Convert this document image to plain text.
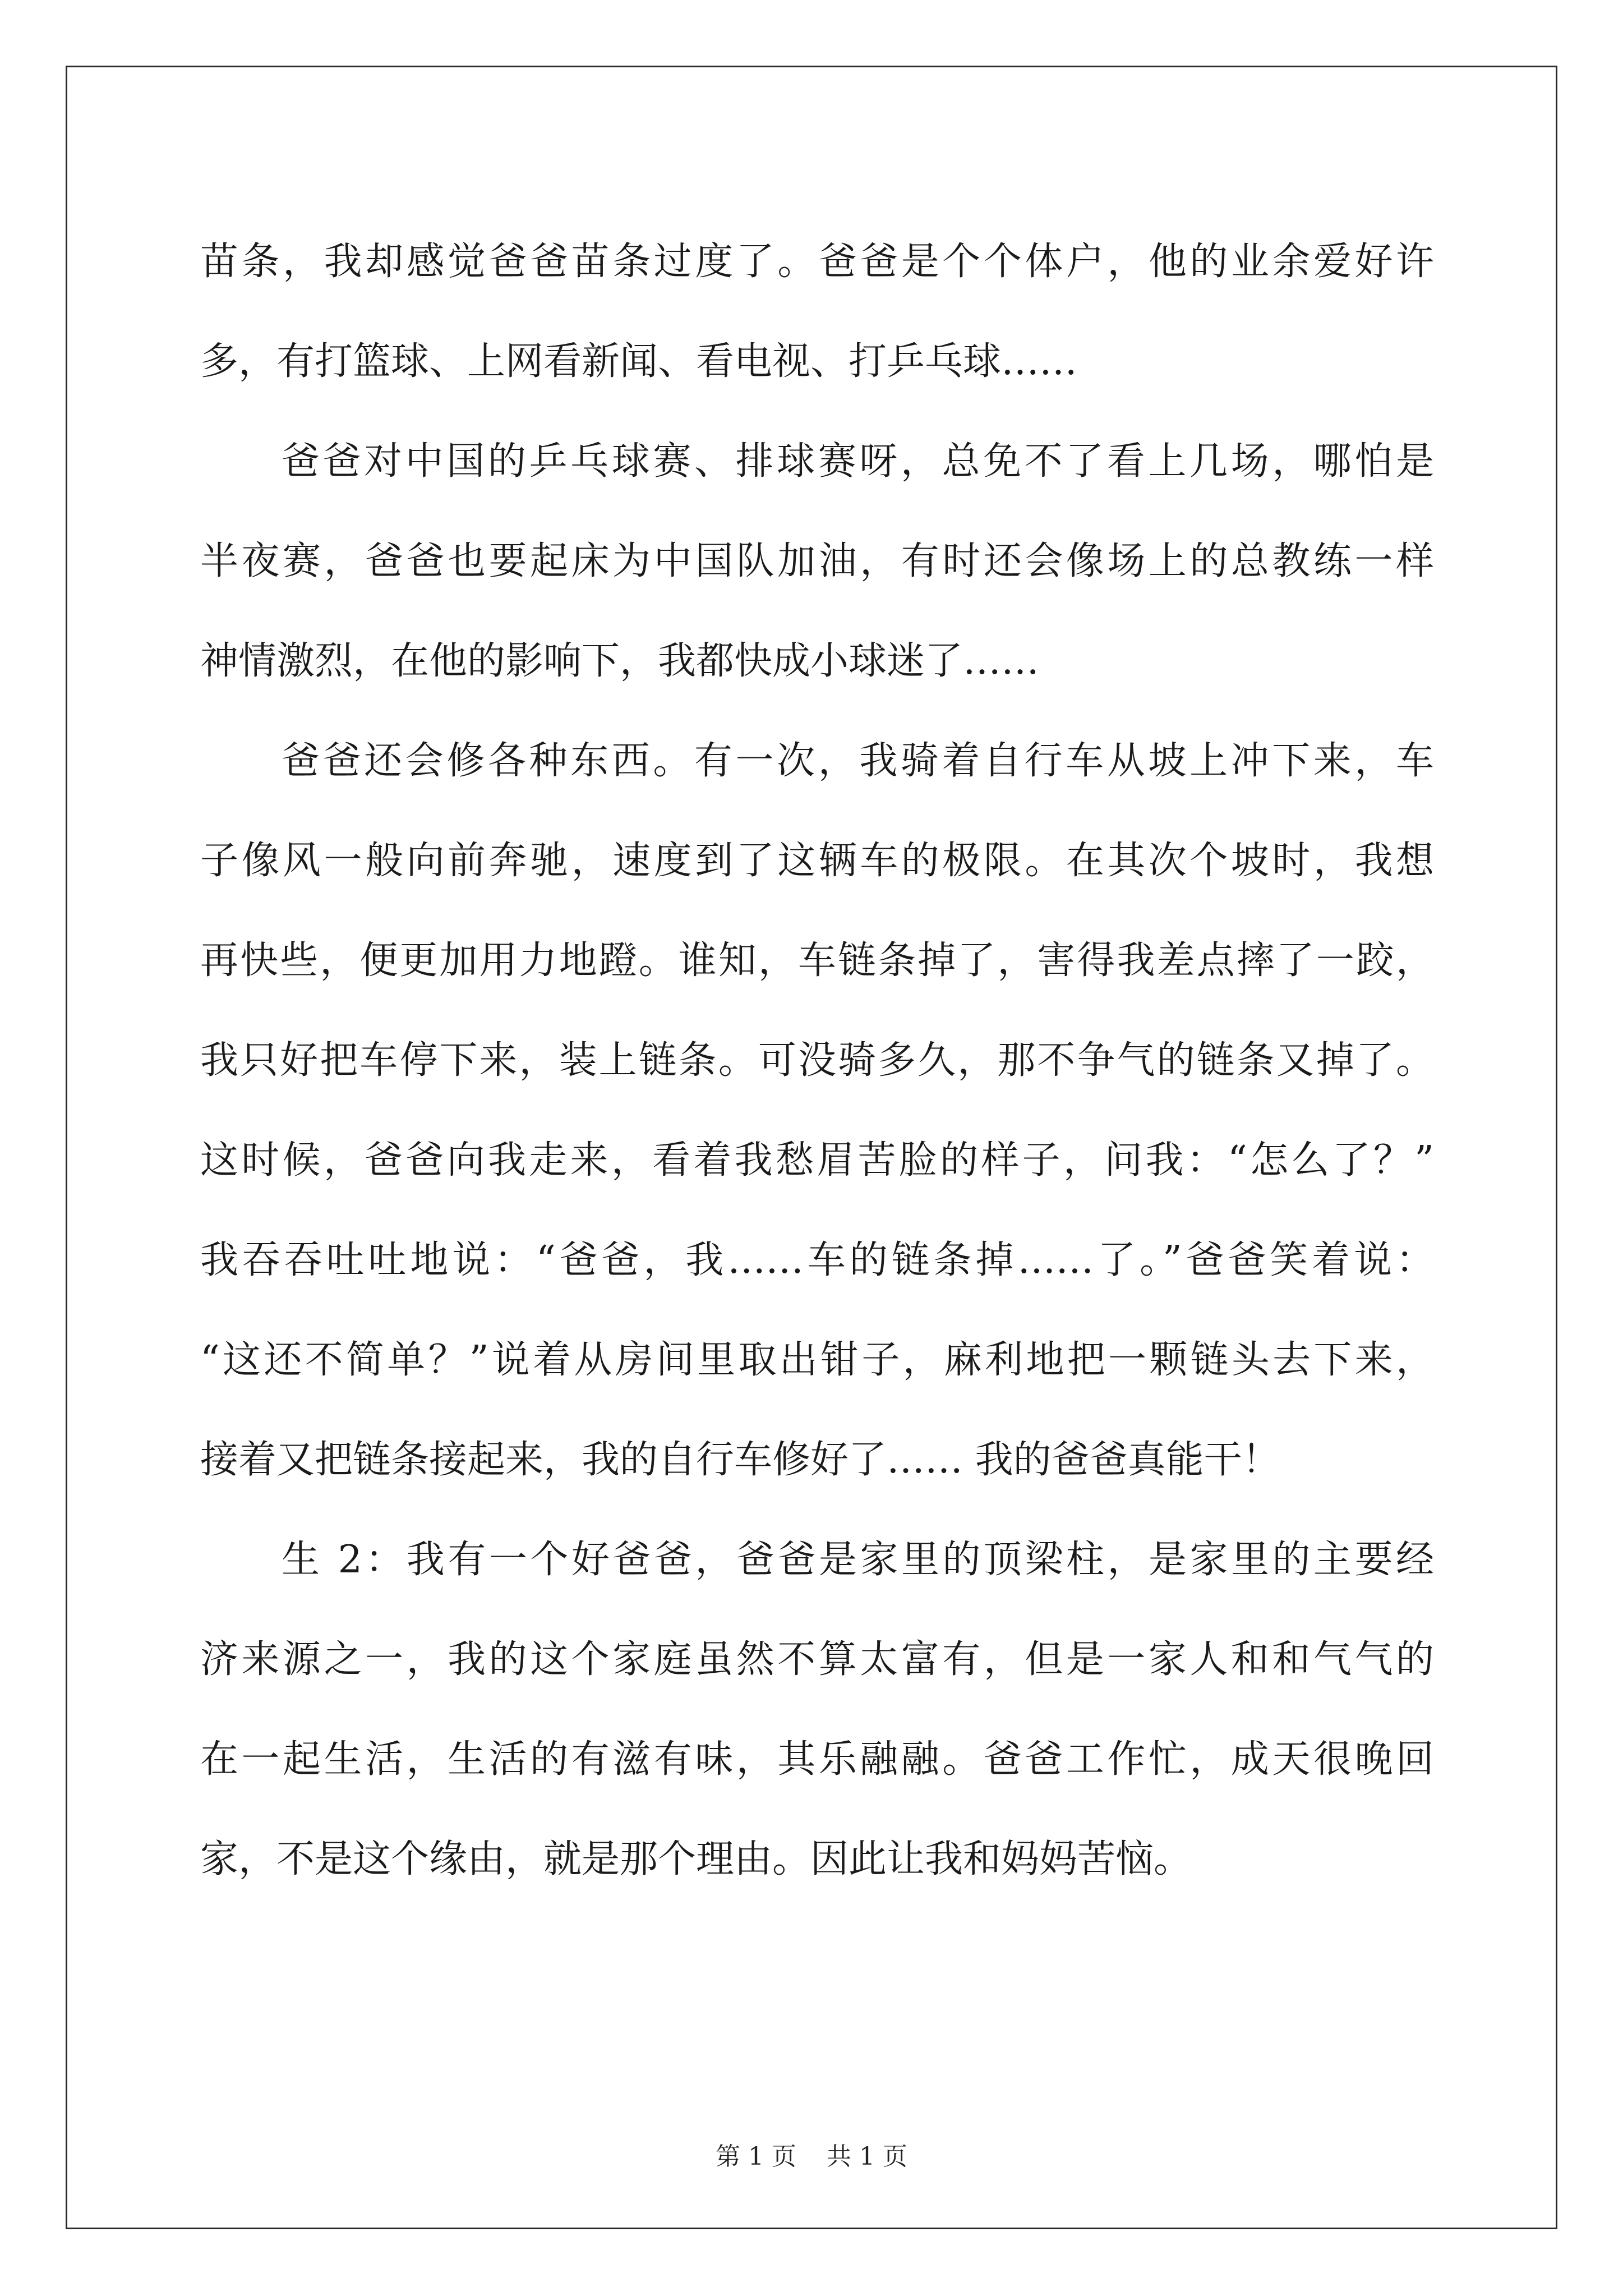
苗条，我却感觉爸爸苗条过度了。爸爸是个个体户，他的业余爱好许
多，有打篮球、上网看新闻、看电视、打乒乓球……
爸爸对中国的乒乓球赛、排球赛呀，总免不了看上几场，哪怕是
半夜赛，爸爸也要起床为中国队加油，有时还会像场上的总教练一样
神情激烈，在他的影响下，我都快成小球迷了……
爸爸还会修各种东西。有一次，我骑着自行车从坡上冲下来，车
子像风一般向前奔驰，速度到了这辆车的极限。在其次个坡时，我想
再快些，便更加用力地蹬。谁知，车链条掉了，害得我差点摔了一跤，
我只好把车停下来，装上链条。可没骑多久，那不争气的链条又掉了。
这时候，爸爸向我走来，看着我愁眉苦脸的样子，问我：“怎么了？”
我吞吞吐吐地说：“爸爸，我……车的链条掉……了。”爸爸笑着说：
“这还不简单？”说着从房间里取出钳子，麻利地把一颗链头去下来，
接着又把链条接起来，我的自行车修好了…… 我的爸爸真能干！
生 2：我有一个好爸爸，爸爸是家里的顶梁柱，是家里的主要经
济来源之一，我的这个家庭虽然不算太富有，但是一家人和和气气的
在一起生活，生活的有滋有味，其乐融融。爸爸工作忙，成天很晚回
家，不是这个缘由，就是那个理由。因此让我和妈妈苦恼。
第 1 页 共 1 页
